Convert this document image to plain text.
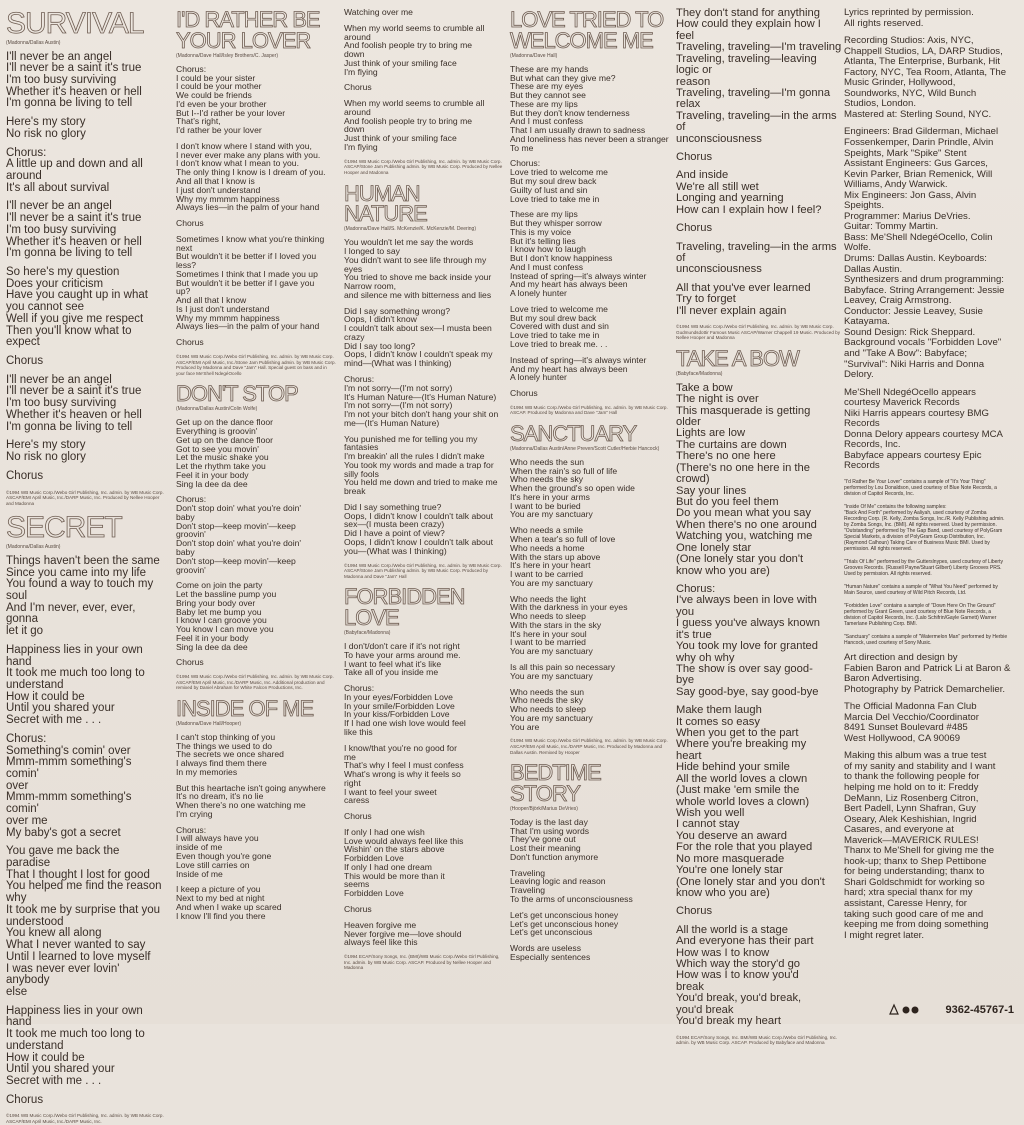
SURVIVAL
(Madonna/Dallas Austin)
I'll never be an angel
I'll never be a saint it's true
I'm too busy surviving
Whether it's heaven or hell
I'm gonna be living to tell
Here's my story
No risk no glory
Chorus:
A little up and down and all
around
It's all about survival
I'll never be an angel
I'll never be a saint it's true
I'm too busy surviving
Whether it's heaven or hell
I'm gonna be living to tell
So here's my question
Does your criticism
Have you caught up in what
you cannot see
Well if you give me respect
Then you'll know what to
expect
Chorus
I'll never be an angel
I'll never be a saint it's true
I'm too busy surviving
Whether it's heaven or hell
I'm gonna be living to tell
Here's my story
No risk no glory
Chorus
©1994 WB Music Corp./Webo Girl Publishing, Inc. admin. by WB Music Corp. ASCAP/EMI April Music, Inc./DARP Music, Inc. Produced by Nellee Hooper and Madonna
SECRET
(Madonna/Dallas Austin)
Things haven't been the same
Since you came into my life
You found a way to touch my
soul
And I'm never, ever, ever, gonna
let it go
Happiness lies in your own hand
It took me much too long to
understand
How it could be
Until you shared your
Secret with me . . .
Chorus:
Something's comin' over
Mmm-mmm something's comin'
over
Mmm-mmm something's comin'
over me
My baby's got a secret
You gave me back the paradise
That I thought I lost for good
You helped me find the reason
why
It took me by surprise that you
understood
You knew all along
What I never wanted to say
Until I learned to love myself
I was never ever lovin' anybody
else
Happiness lies in your own hand
It took me much too long to
understand
How it could be
Until you shared your
Secret with me . . .
Chorus
©1994 WB Music Corp./Webo Girl Publishing, Inc. admin. by WB Music Corp. ASCAP/EMI April Music, Inc./DARP Music, Inc.
I'D RATHER BE YOUR LOVER
(Madonna/Dave Hall/Isley Brothers/C. Jasper)
Chorus:
I could be your sister
I could be your mother
We could be friends
I'd even be your brother
But I--I'd rather be your lover
That's right,
I'd rather be your lover
I don't know where I stand with you,
I never ever make any plans with you.
I don't know what I mean to you.
The only thing I know is I dream of you.
And all that I know is
I just don't understand
Why my mmmm happiness
Always lies—in the palm of your hand
Chorus
Sometimes I know what you're thinking
next
But wouldn't it be better if I loved you
less?
Sometimes I think that I made you up
But wouldn't it be better if I gave you
up?
And all that I know
Is I just don't understand
Why my mmmm happiness
Always lies—in the palm of your hand
Chorus
©1994 WB Music Corp./Webo Girl Publishing, Inc. admin. by WB Music Corp. ASCAP/EMI April Music, Inc./Stone Jam Publishing admin. by WB Music Corp. Produced by Madonna and Dave "Jam" Hall. Special guest on bass and in your face Me'Shell NdegéOcello
DON'T STOP
(Madonna/Dallas Austin/Colin Wolfe)
Get up on the dance floor
Everything is groovin'
Get up on the dance floor
Got to see you movin'
Let the music shake you
Let the rhythm take you
Feel it in your body
Sing la dee da dee
Chorus:
Don't stop doin' what you're doin'
baby
Don't stop—keep movin'—keep
groovin'
Don't stop doin' what you're doin'
baby
Don't stop—keep movin'—keep
groovin'
Come on join the party
Let the bassline pump you
Bring your body over
Baby let me bump you
I know I can groove you
You know I can move you
Feel it in your body
Sing la dee da dee
Chorus
©1994 WB Music Corp./Webo Girl Publishing, Inc. admin. by WB Music Corp. ASCAP/EMI April Music, Inc./DARP Music, Inc. Additional production and remixed by Daniel Abraham for White Falcon Productions, Inc.
INSIDE OF ME
(Madonna/Dave Hall/Hooper)
I can't stop thinking of you
The things we used to do
The secrets we once shared
I always find them there
In my memories
But this heartache isn't going anywhere
It's no dream, it's no lie
When there's no one watching me
I'm crying
Chorus:
I will always have you
inside of me
Even though you're gone
Love still carries on
Inside of me
I keep a picture of you
Next to my bed at night
And when I wake up scared
I know I'll find you there
Watching over me
When my world seems to crumble all
around
And foolish people try to bring me
down
Just think of your smiling face
I'm flying
Chorus
When my world seems to crumble all
around
And foolish people try to bring me
down
Just think of your smiling face
I'm flying
©1994 WB Music Corp./Webo Girl Publishing, Inc. admin. by WB Music Corp. ASCAP/Stone Jam Publishing admin. by WB Music Corp. Produced by Nellee Hooper and Madonna
HUMAN NATURE
(Madonna/Dave Hall/S. McKenzie/K. McKenzie/M. Deering)
You wouldn't let me say the words
I longed to say
You didn't want to see life through my eyes
You tried to shove me back inside your
Narrow room,
and silence me with bitterness and lies
Did I say something wrong?
Oops, I didn't know
I couldn't talk about sex—I musta been
crazy
Did I say too long?
Oops, I didn't know I couldn't speak my
mind—(What was I thinking)
Chorus:
I'm not sorry—(I'm not sorry)
It's Human Nature—(It's Human Nature)
I'm not sorry—(I'm not sorry)
I'm not your bitch don't hang your shit on
me—(It's Human Nature)
You punished me for telling you my
fantasies
I'm breakin' all the rules I didn't make
You took my words and made a trap for
silly fools
You held me down and tried to make me
break
Did I say something true?
Oops, I didn't know I couldn't talk about
sex—(I musta been crazy)
Did I have a point of view?
Oops, I didn't know I couldn't talk about
you—(What was I thinking)
©1994 WB Music Corp./Webo Girl Publishing, Inc. admin. by WB Music Corp. ASCAP/Stone Jam Publishing admin. by WB Music Corp. Produced by Madonna and Dave "Jam" Hall
FORBIDDEN LOVE
(Babyface/Madonna)
I don't/don't care if it's not right
To have your arms around me.
I want to feel what it's like
Take all of you inside me
Chorus:
In your eyes/Forbidden Love
In your smile/Forbidden Love
In your kiss/Forbidden Love
If I had one wish love would feel
like this
I know/that you're no good for
me
That's why I feel I must confess
What's wrong is why it feels so
right
I want to feel your sweet
caress
Chorus
If only I had one wish
Love would always feel like this
Wishin' on the stars above
Forbidden Love
If only I had one dream
This would be more than it
seems
Forbidden Love
Chorus
Heaven forgive me
Never forgive me—love should
always feel like this
©1994 ECAF/Sony Songs, Inc. (BMI)/WB Music Corp./Webo Girl Publishing, Inc. admin. by WB Music Corp. ASCAP. Produced by Nellee Hooper and Madonna
LOVE TRIED TO WELCOME ME
(Madonna/Dave Hall)
These are my hands
But what can they give me?
These are my eyes
But they cannot see
These are my lips
But they don't know tenderness
And I must confess
That I am usually drawn to sadness
And loneliness has never been a stranger
To me
Chorus:
Love tried to welcome me
But my soul drew back
Guilty of lust and sin
Love tried to take me in
These are my lips
But they whisper sorrow
This is my voice
But it's telling lies
I know how to laugh
But I don't know happiness
And I must confess
Instead of spring—it's always winter
And my heart has always been
A lonely hunter
Love tried to welcome me
But my soul drew back
Covered with dust and sin
Love tried to take me in
Love tried to break me. . .
Instead of spring—it's always winter
And my heart has always been
A lonely hunter
Chorus
©1994 WB Music Corp./Webo Girl Publishing, Inc. admin. by WB Music Corp. ASCAP. Produced by Madonna and Dave "Jam" Hall
SANCTUARY
(Madonna/Dallas Austin/Anne Preven/Scott Cutler/Herbie Hancock)
Who needs the sun
When the rain's so full of life
Who needs the sky
When the ground's so open wide
It's here in your arms
I want to be buried
You are my sanctuary
Who needs a smile
When a tear's so full of love
Who needs a home
With the stars up above
It's here in your heart
I want to be carried
You are my sanctuary
Who needs the light
With the darkness in your eyes
Who needs to sleep
With the stars in the sky
It's here in your soul
I want to be married
You are my sanctuary
Is all this pain so necessary
You are my sanctuary
Who needs the sun
Who needs the sky
Who needs to sleep
You are my sanctuary
You are
©1994 WB Music Corp./Webo Girl Publishing, Inc. admin. by WB Music Corp. ASCAP/EMI April Music, Inc./DARP Music, Inc. Produced by Madonna and Dallas Austin. Remixed by Hooper
BEDTIME STORY
(Hooper/Björk/Marius DeVries)
Today is the last day
That I'm using words
They've gone out
Lost their meaning
Don't function anymore
Traveling
Leaving logic and reason
Traveling
To the arms of unconsciousness
Let's get unconscious honey
Let's get unconscious honey
Let's get unconscious
Words are useless
Especially sentences
They don't stand for anything
How could they explain how I feel
Traveling, traveling—I'm traveling
Traveling, traveling—leaving logic or
reason
Traveling, traveling—I'm gonna relax
Traveling, traveling—in the arms of
unconsciousness
Chorus
And inside
We're all still wet
Longing and yearning
How can I explain how I feel?
Chorus
Traveling, traveling—in the arms of
unconsciousness
All that you've ever learned
Try to forget
I'll never explain again
©1994 WB Music Corp./Webo Girl Publishing, Inc. admin. by WB Music Corp. Gudmundsdottir Famous Music ASCAP/Warner Chappell 19 Music. Produced by Nellee Hooper and Madonna
TAKE A BOW
(Babyface/Madonna)
Take a bow
The night is over
This masquerade is getting
older
Lights are low
The curtains are down
There's no one here
(There's no one here in the
crowd)
Say your lines
But do you feel them
Do you mean what you say
When there's no one around
Watching you, watching me
One lonely star
(One lonely star you don't
know who you are)
Chorus:
I've always been in love with
you
I guess you've always known
it's true
You took my love for granted
why oh why
The show is over say good-
bye
Say good-bye, say good-bye
Make them laugh
It comes so easy
When you get to the part
Where you're breaking my
heart
Hide behind your smile
All the world loves a clown
(Just make 'em smile the
whole world loves a clown)
Wish you well
I cannot stay
You deserve an award
For the role that you played
No more masquerade
You're one lonely star
(One lonely star and you don't
know who you are)
Chorus
All the world is a stage
And everyone has their part
How was I to know
Which way the story'd go
How was I to know you'd
break
You'd break, you'd break,
you'd break
You'd break my heart
©1994 ECAF/Sony Songs, Inc. BMI/WB Music Corp./Webo Girl Publishing, Inc. admin. by WB Music Corp. ASCAP. Produced by Babyface and Madonna
Lyrics reprinted by permission.
All rights reserved.
Recording Studios: Axis, NYC,
Chappell Studios, LA, DARP Studios,
Atlanta, The Enterprise, Burbank, Hit
Factory, NYC, Tea Room, Atlanta, The
Music Grinder, Hollywood,
Soundworks, NYC, Wild Bunch
Studios, London.
Mastered at: Sterling Sound, NYC.
Engineers: Brad Gilderman, Michael
Fossenkemper, Darin Prindle, Alvin
Speights, Mark "Spike" Stent
Assistant Engineers: Gus Garces,
Kevin Parker, Brian Remenick, Will
Williams, Andy Warwick.
Mix Engineers: Jon Gass, Alvin
Speights.
Programmer: Marius DeVries.
Guitar: Tommy Martin.
Bass: Me'Shell NdegéOcello, Colin
Wolfe.
Drums: Dallas Austin. Keyboards:
Dallas Austin.
Synthesizers and drum programming:
Babyface. String Arrangement: Jessie
Leavey, Craig Armstrong.
Conductor: Jessie Leavey, Susie
Katayama.
Sound Design: Rick Sheppard.
Background vocals "Forbidden Love"
and "Take A Bow": Babyface;
"Survival": Niki Harris and Donna
Delory.
Me'Shell NdegéOcello appears
courtesy Maverick Records
Niki Harris appears courtesy BMG
Records
Donna Delory appears courtesy MCA
Records, Inc.
Babyface appears courtesy Epic
Records
"I'd Rather Be Your Lover" contains a sample of "It's Your Thing"
performed by Lou Donaldson, used courtesy of Blue Note Records, a
division of Capitol Records, Inc.
"Inside Of Me" contains the following samples:
"Back And Forth" performed by Aaliyah, used courtesy of Zomba
Recording Corp. (R. Kelly, Zomba Songs, Inc./R. Kelly Publishing admin.
by Zomba Songs, Inc. (BMI). All rights reserved. Used by permission.
"Outstanding" performed by The Gap Band, used courtesy of PolyGram
Special Markets, a division of PolyGram Group Distribution, Inc.
(Raymond Calhoun) Taking Care of Business Music BMI. Used by
permission. All rights reserved.
"Trials Of Life" performed by the Gutterslnypes, used courtesy of Liberty
Grooves Records. (Russell Payne/Stuart Gilbert) Liberty Grooves PRS.
Used by permission. All rights reserved.
"Human Nature" contains a sample of "What You Need" performed by
Main Source, used courtesy of Wild Pitch Records, Ltd.
"Forbidden Love" contains a sample of "Down Here On The Ground"
performed by Grant Green, used courtesy of Blue Note Records, a
division of Capitol Records, Inc. (Lalo Schifrin/Gayle Garnett) Warner
Tamerlane Publishing Corp. BMI.
"Sanctuary" contains a sample of "Watermelon Man" performed by Herbie
Hancock, used courtesy of Sony Music.
Art direction and design by
Fabien Baron and Patrick Li at Baron &
Baron Advertising.
Photography by Patrick Demarchelier.
The Official Madonna Fan Club
Marcia Del Vecchio/Coordinator
8491 Sunset Boulevard #485
West Hollywood, CA 90069
Making this album was a true test
of my sanity and stability and I want
to thank the following people for
helping me hold on to it: Freddy
DeMann, Liz Rosenberg Citron,
Bert Padell, Lynn Shafran, Guy
Oseary, Alek Keshishian, Ingrid
Casares, and everyone at
Maverick—MAVERICK RULES!
Thanx to Me'Shell for giving me the
hook-up; thanx to Shep Pettibone
for being understanding; thanx to
Shari Goldschmidt for working so
hard; xtra special thanx for my
assistant, Caresse Henry, for
taking such good care of me and
keeping me from doing something
I might regret later.
9362-45767-1
